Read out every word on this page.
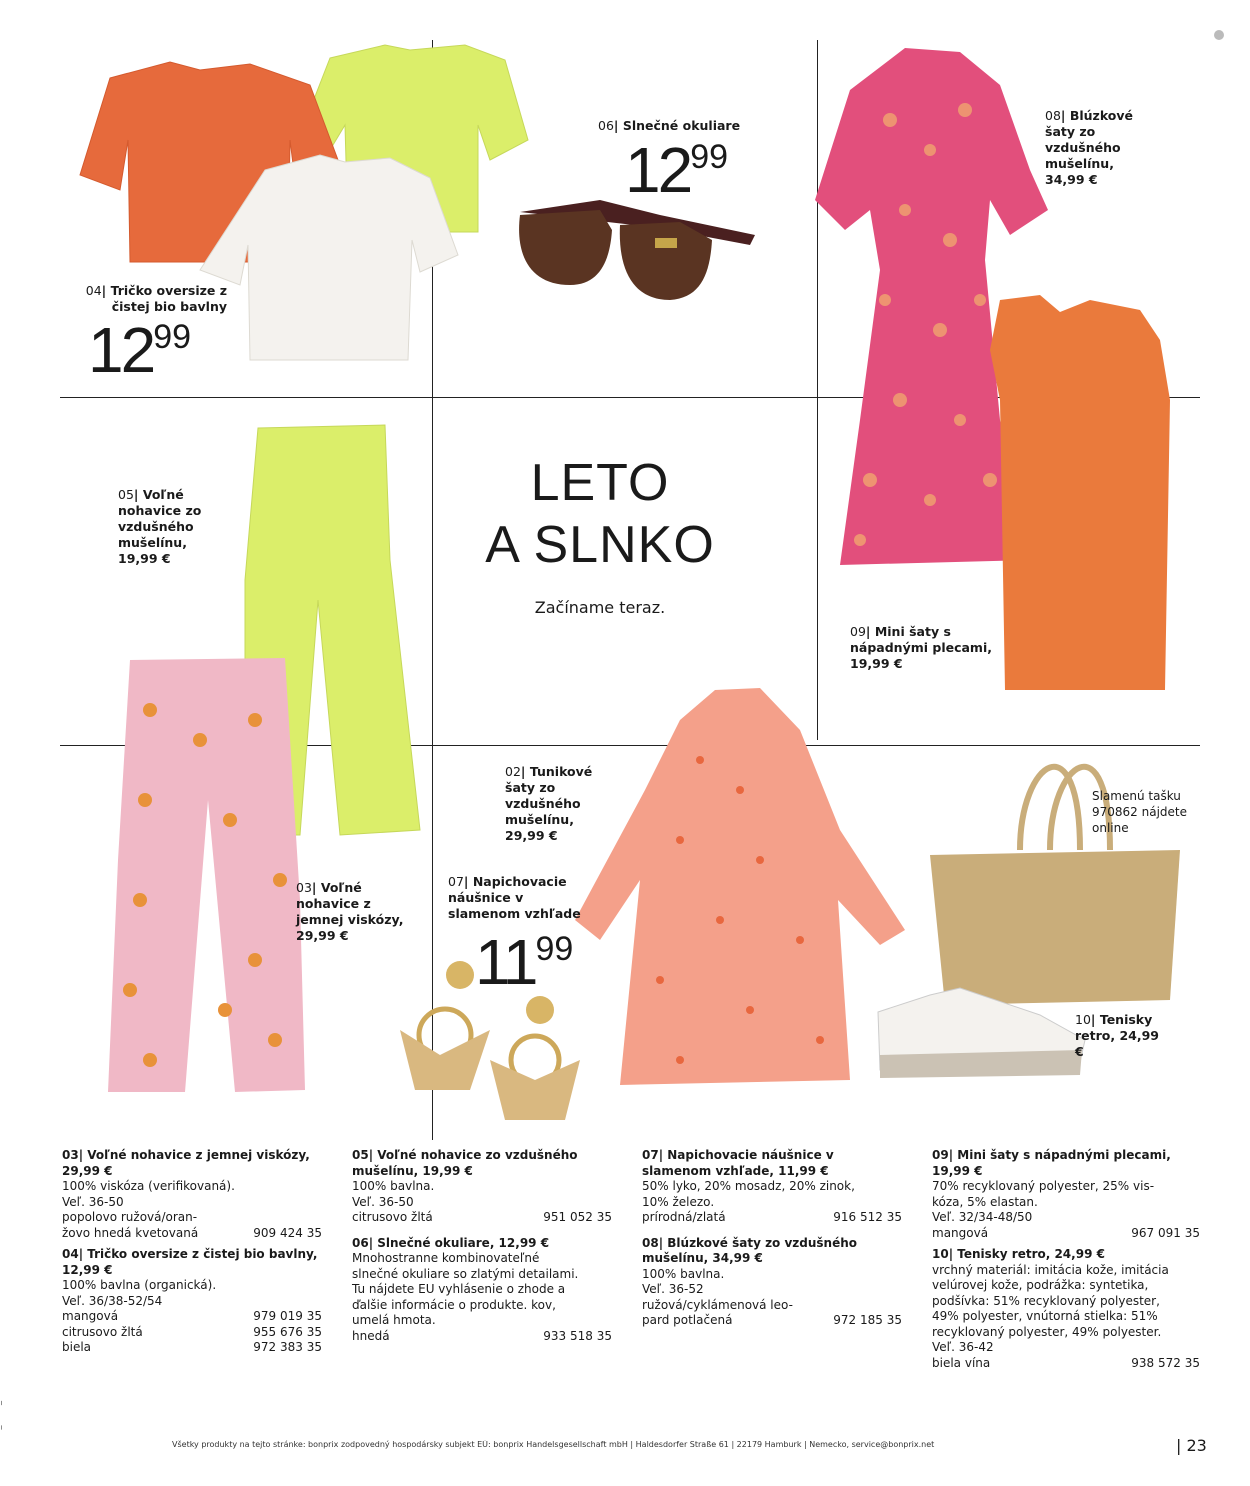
04| Tričko oversize z čistej bio bavlny
1299
06| Slnečné okuliare
1299
08| Blúzkové šaty zo vzdušného mušelínu, 34,99 €
LETO
A SLNKO
Začíname teraz.
05| Voľné nohavice zo vzdušného mušelínu, 19,99 €
09| Mini šaty s nápadnými plecami, 19,99 €
02| Tunikové šaty zo vzdušného mušelínu, 29,99 €
03| Voľné nohavice z jemnej viskózy, 29,99 €
07| Napichovacie náušnice v slamenom vzhľade
1199
Slamenú tašku 970862 nájdete online
10| Tenisky retro, 24,99 €
03| Voľné nohavice z jemnej viskózy, 29,99 €
100% viskóza (verifikovaná).
Veľ. 36-50
popolovo ružová/oran-
žovo hnedá kvetovaná	909 424 35
04| Tričko oversize z čistej bio bavlny, 12,99 €
100% bavlna (organická).
Veľ. 36/38-52/54
mangová	979 019 35
citrusovo žltá	955 676 35
biela	972 383 35
05| Voľné nohavice zo vzdušného mušelínu, 19,99 €
100% bavlna.
Veľ. 36-50
citrusovo žltá	951 052 35
06| Slnečné okuliare, 12,99 €
Mnohostranne kombinovateľné
slnečné okuliare so zlatými detailami.
Tu nájdete EU vyhlásenie o zhode a
ďalšie informácie o produkte. kov,
umelá hmota.
hnedá	933 518 35
07| Napichovacie náušnice v slamenom vzhľade, 11,99 €
50% lyko, 20% mosadz, 20% zinok,
10% železo.
prírodná/zlatá	916 512 35
08| Blúzkové šaty zo vzdušného mušelínu, 34,99 €
100% bavlna.
Veľ. 36-52
ružová/cyklámenová leo-
pard potlačená	972 185 35
09| Mini šaty s nápadnými plecami, 19,99 €
70% recyklovaný polyester, 25% vis-
kóza, 5% elastan.
Veľ. 32/34-48/50
mangová	967 091 35
10| Tenisky retro, 24,99 €
vrchný materiál: imitácia kože, imitácia
velúrovej kože, podrážka: syntetika,
podšívka: 51% recyklovaný polyester,
49% polyester, vnútorná stielka: 51%
recyklovaný polyester, 49% polyester.
Veľ. 36-42
biela vína	938 572 35
Všetky produkty na tejto stránke: bonprix zodpovedný hospodársky subjekt EÚ: bonprix Handelsgesellschaft mbH | Haldesdorfer Straße 61 | 22179 Hamburk | Nemecko, service@bonprix.net	| 23
